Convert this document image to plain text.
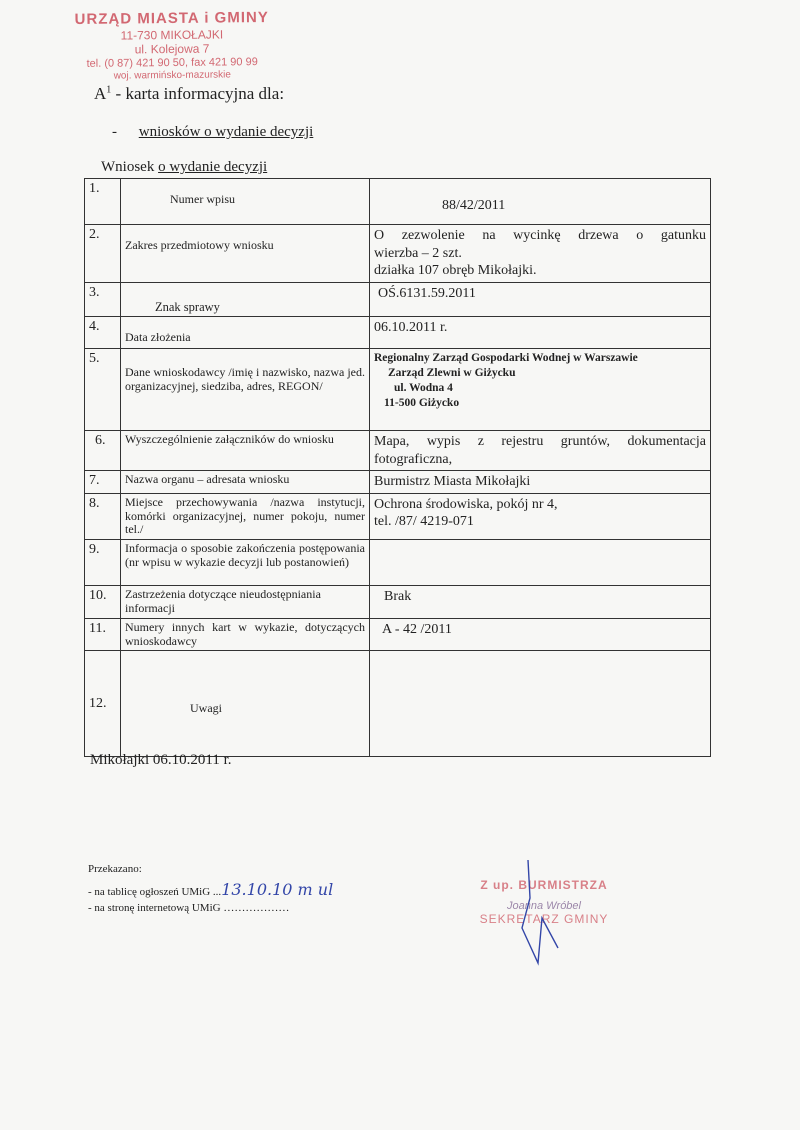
URZĄD MIASTA i GMINY
11-730 MIKOŁAJKI
ul. Kolejowa 7
tel. (0 87) 421 90 50, fax 421 90 99
woj. warmińsko-mazurskie
$A^1$ - karta informacyjna dla:
- wniosków o wydanie decyzji
Wniosek o wydanie decyzji
1.	Numer wpisu	88/42/2011

2.	Zakres przedmiotowy wniosku	O zezwolenie na wycinkę drzewa o gatunku
wierzba – 2 szt.
działka 107 obręb Mikołajki.

3.	Znak sprawy	OŚ.6131.59.2011

4.	Data złożenia	06.10.2011 r.

5.	Dane wnioskodawcy /imię i nazwisko, nazwa jed. organizacyjnej, siedziba, adres, REGON/	Regionalny Zarząd Gospodarki Wodnej w Warszawie
Zarząd Zlewni w Giżycku
ul. Wodna 4
11-500 Giżycko

6.	Wyszczególnienie załączników do wniosku	Mapa, wypis z rejestru gruntów, dokumentacja fotograficzna,

7.	Nazwa organu – adresata wniosku	Burmistrz Miasta Mikołajki

8.	Miejsce przechowywania /nazwa instytucji, komórki organizacyjnej, numer pokoju, numer tel./	Ochrona środowiska, pokój nr 4,
tel. /87/ 4219-071

9.	Informacja o sposobie zakończenia postępowania (nr wpisu w wykazie decyzji lub postanowień)	

10.	Zastrzeżenia dotyczące nieudostępniania informacji	Brak

11.	Numery innych kart w wykazie, dotyczących wnioskodawcy	A - 42 /2011

12.	Uwagi	

Mikołajki 06.10.2011 r.
Przekazano:
- na tablicę ogłoszeń UMiG ...13.10.10 m ul
- na stronę internetową UMiG ………………
Z up. BURMISTRZA
Joanna Wróbel
SEKRETARZ GMINY
